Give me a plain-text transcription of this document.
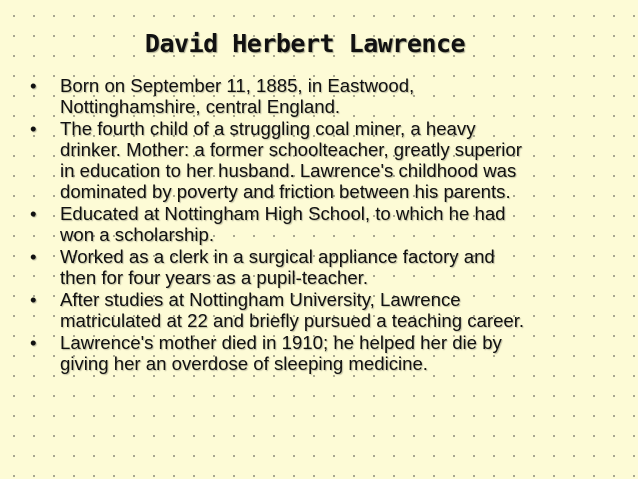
David Herbert Lawrence
• Born on September 11, 1885, in Eastwood,
Nottinghamshire, central England.
• The fourth child of a struggling coal miner, a heavy
drinker. Mother: a former schoolteacher, greatly superior
in education to her husband. Lawrence's childhood was
dominated by poverty and friction between his parents.
• Educated at Nottingham High School, to which he had
won a scholarship.
• Worked as a clerk in a surgical appliance factory and
then for four years as a pupil-teacher.
• After studies at Nottingham University, Lawrence
matriculated at 22 and briefly pursued a teaching career.
• Lawrence's mother died in 1910; he helped her die by
giving her an overdose of sleeping medicine.
